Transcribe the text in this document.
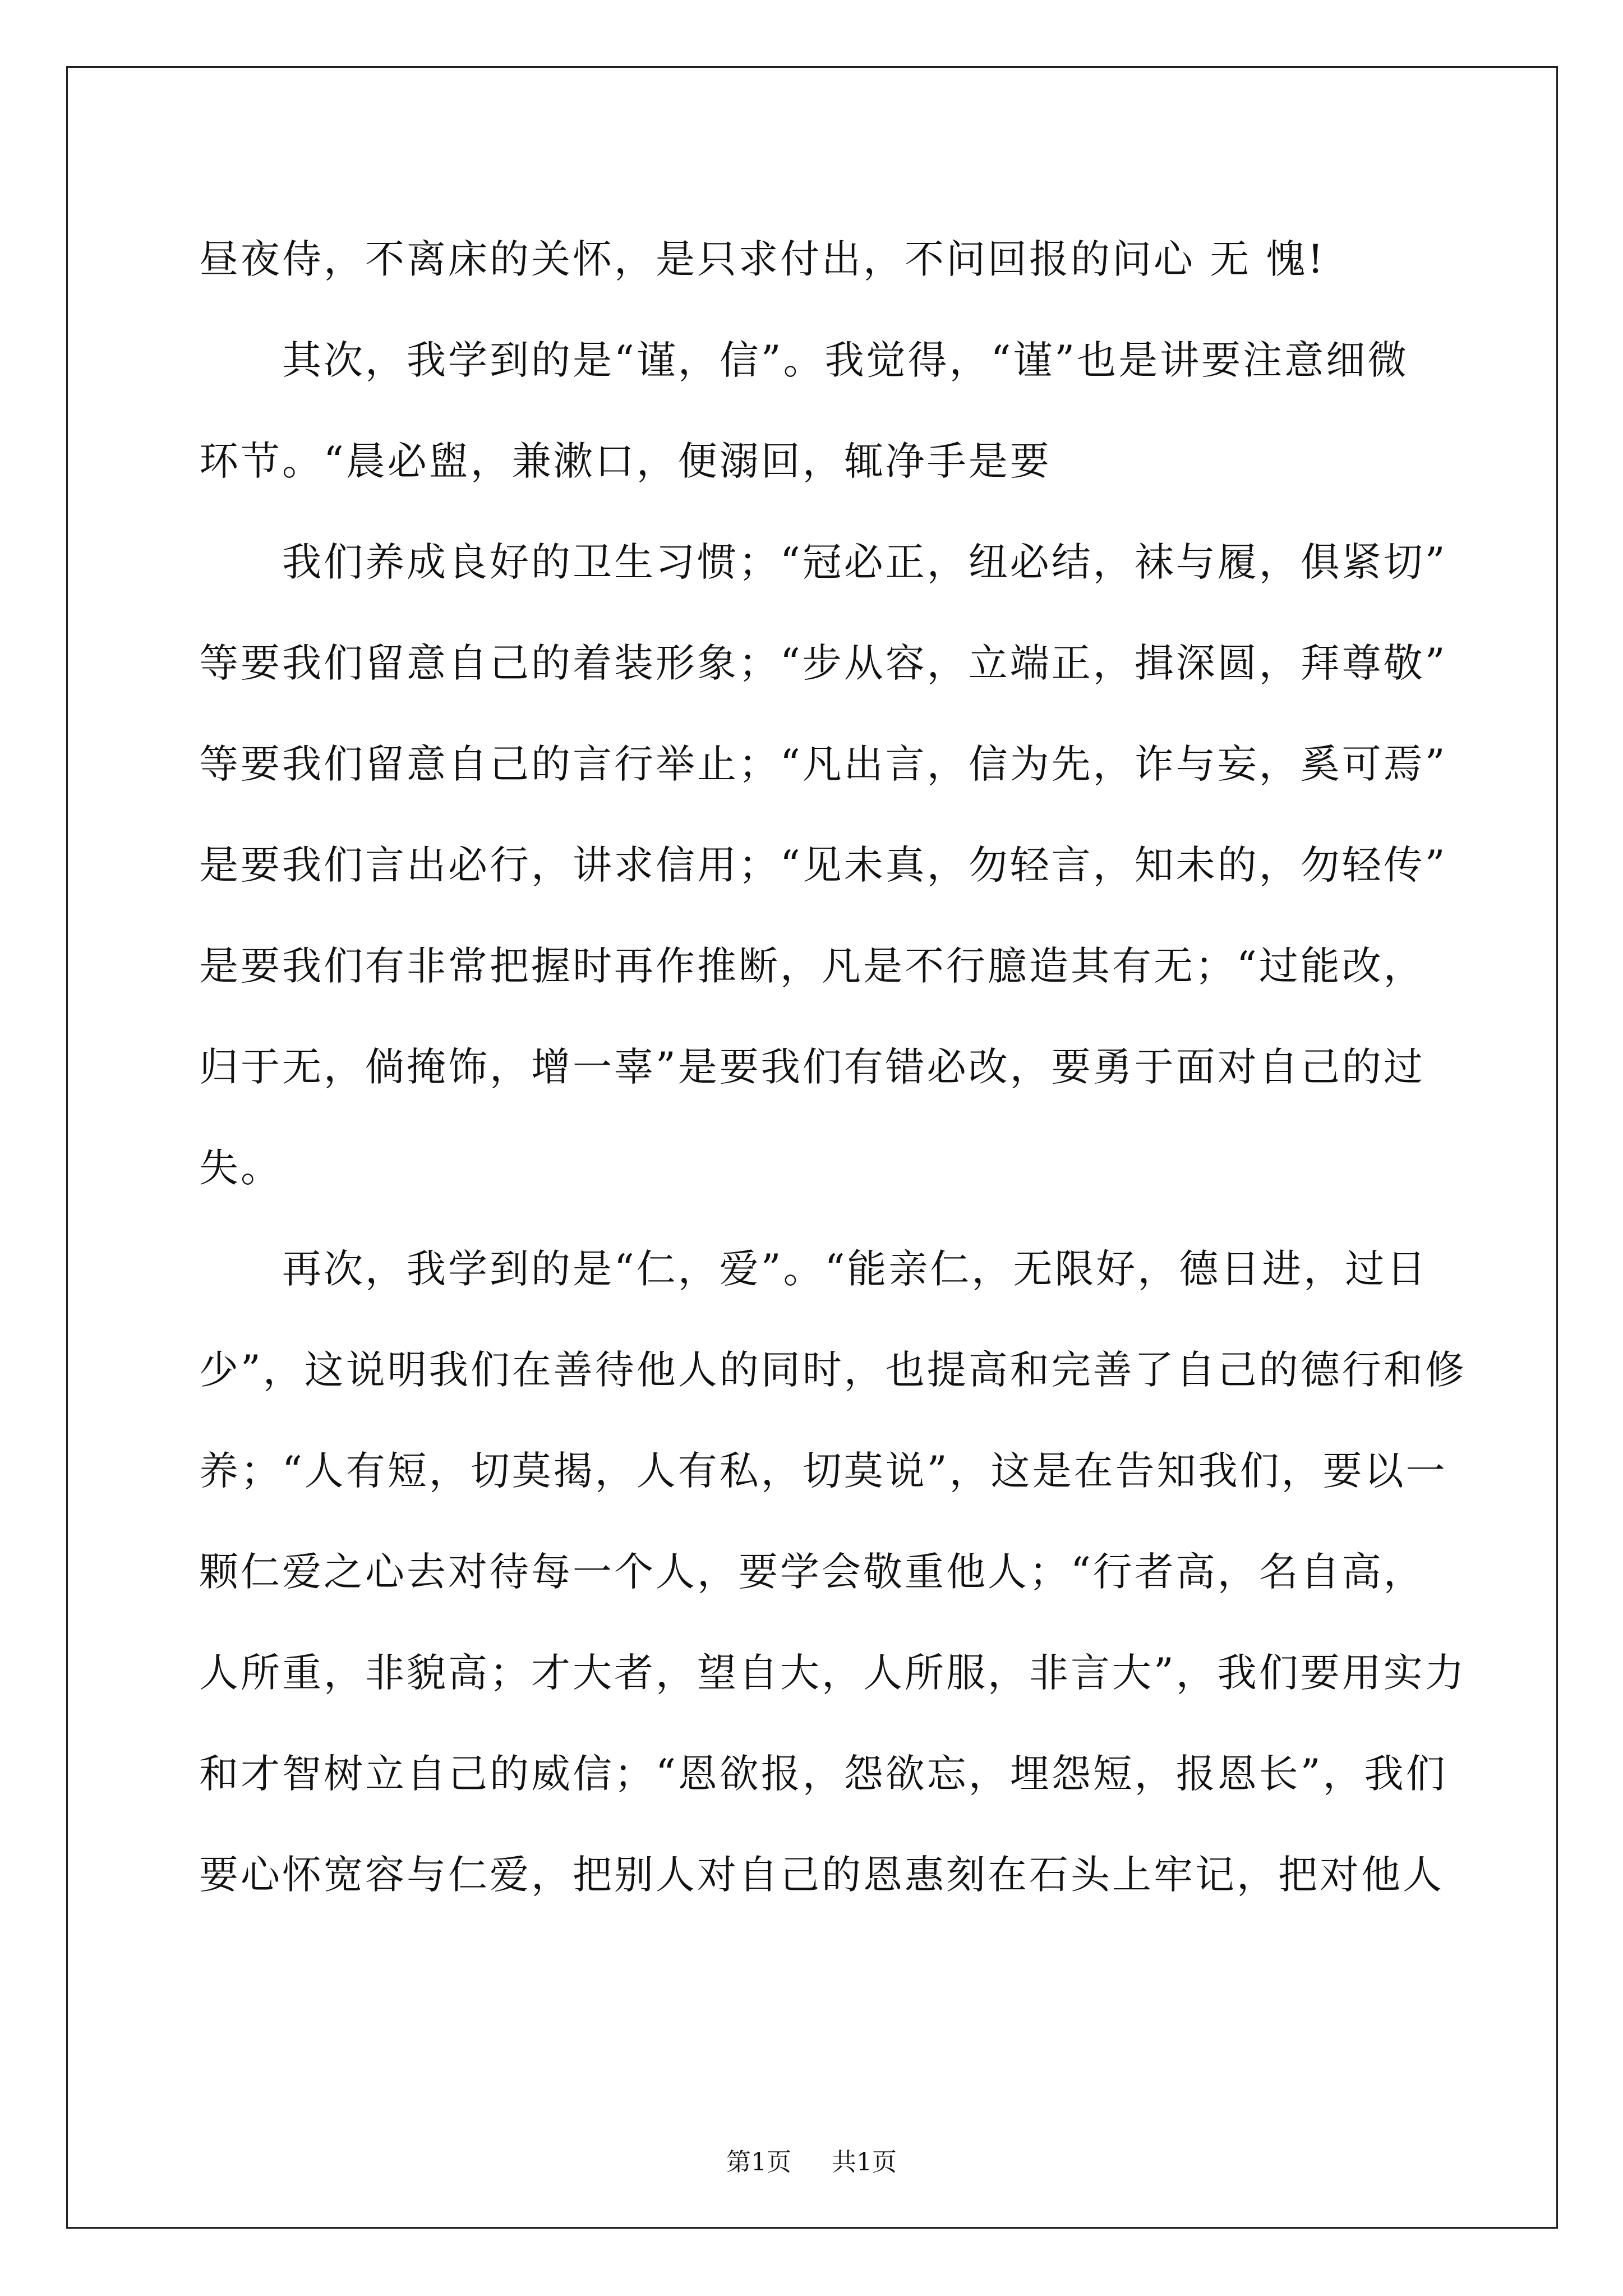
昼夜侍，不离床的关怀，是只求付出，不问回报的问心 无 愧!
其次，我学到的是“谨，信”。我觉得，“谨”也是讲要注意细微
环节。“晨必盥，兼漱口，便溺回，辄净手是要
我们养成良好的卫生习惯；“冠必正，纽必结，袜与履，俱紧切”
等要我们留意自己的着装形象；“步从容，立端正，揖深圆，拜尊敬”
等要我们留意自己的言行举止；“凡出言，信为先，诈与妄，奚可焉”
是要我们言出必行，讲求信用；“见未真，勿轻言，知未的，勿轻传”
是要我们有非常把握时再作推断，凡是不行臆造其有无；“过能改，
归于无，倘掩饰，增一辜”是要我们有错必改，要勇于面对自己的过
失。
再次，我学到的是“仁，爱”。“能亲仁，无限好，德日进，过日
少”，这说明我们在善待他人的同时，也提高和完善了自己的德行和修
养；“人有短，切莫揭，人有私，切莫说”，这是在告知我们，要以一
颗仁爱之心去对待每一个人，要学会敬重他人；“行者高，名自高，
人所重，非貌高；才大者，望自大，人所服，非言大”，我们要用实力
和才智树立自己的威信；“恩欲报，怨欲忘，埋怨短，报恩长”，我们
要心怀宽容与仁爱，把别人对自己的恩惠刻在石头上牢记，把对他人
第1页 共1页
